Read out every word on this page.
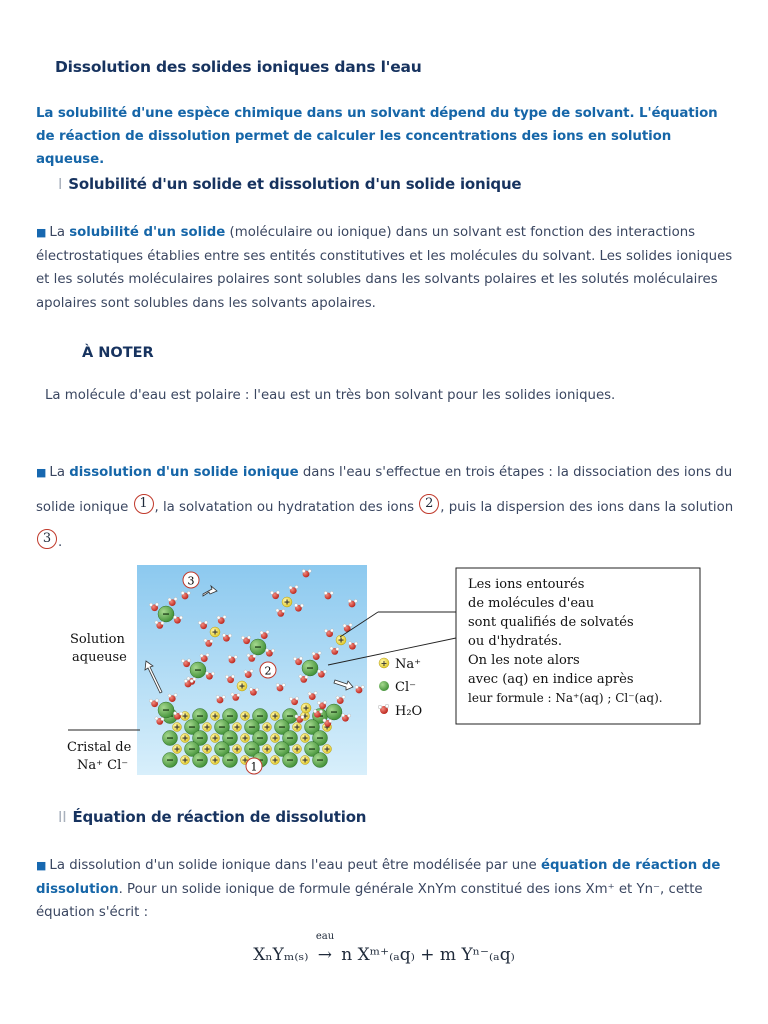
Dissolution des solides ioniques dans l'eau
La solubilité d'une espèce chimique dans un solvant dépend du type de solvant. L'équation de réaction de dissolution permet de calculer les concentrations des ions en solution aqueuse.
I Solubilité d'un solide et dissolution d'un solide ionique
■ La solubilité d'un solide (moléculaire ou ionique) dans un solvant est fonction des interactions électrostatiques établies entre ses entités constitutives et les molécules du solvant. Les solides ioniques et les solutés moléculaires polaires sont solubles dans les solvants polaires et les solutés moléculaires apolaires sont solubles dans les solvants apolaires.
À NOTER
La molécule d'eau est polaire : l'eau est un très bon solvant pour les solides ioniques.
■ La dissolution d'un solide ionique dans l'eau s'effectue en trois étapes : la dissociation des ions du solide ionique 1 , la solvatation ou hydratation des ions 2 , puis la dispersion des ions dans la solution 3 .
Solution
aqueuse
Cristal de
Na⁺ Cl⁻
3
2
1
+ Na⁺
Cl⁻
H₂O
Les ions entourés
de molécules d'eau
sont qualifiés de solvatés
ou d'hydratés.
On les note alors
avec (aq) en indice après
leur formule : Na⁺(aq) ; Cl⁻(aq).
II Équation de réaction de dissolution
■ La dissolution d'un solide ionique dans l'eau peut être modélisée par une équation de réaction de dissolution. Pour un solide ionique de formule générale XnYm constitué des ions Xm⁺ et Yn⁻, cette équation s'écrit :
XₙYₘ₍ₛ₎
eau
→ n Xᵐ⁺₍ₐq₎ + m Yⁿ⁻₍ₐq₎
